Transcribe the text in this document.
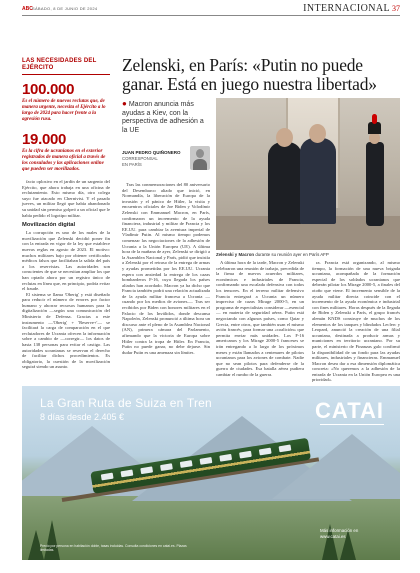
ABC SÁBADO, 8 DE JUNIO DE 2024	INTERNACIONAL 37
LAS NECESIDADES DEL EJÉRCITO
100.000
Es el número de nuevos reclutas que, de manera urgente, necesita el Ejército a lo largo de 2024 para hacer frente a la agresión rusa.
19.000
Es la cifra de ucranianos en el exterior registrados de manera oficial a través de los consulados y las aplicaciones online que pueden ser movilizados.

facto oplosivo en el jardín de un sargento del Ejército, que ahora trabaja en una oficina de reclutamiento. Esto mismo día, otro colega suyo fue atacado en Chernivtsi. Y el pasado jueves, un militar llegó que había abandonado su unidad sin permiso golpeó a un oficial que le había pedido el logotipo militar.

Movilización digital

La corrupción es uno de los males de la movilización que Zelenski decidió poner fin con la entrada en vigor de la ley que establece nuevas reglas en agosto de 2023. El motivo: muchos militares bajo por obtener certificados médicos falsos que facilitaban la salida del país a los reservistas. Las autoridades son conscientes de que se necesitan ampliar los que han optado ahora por un registro único de reclutas en línea que, en principio, podría evitar el fraude.

El sistema se llama 'Oberig' y está diseñado para reducir el número de errores por factor humano y ahorrar recursos humanos para la digitalización —según una comunicación del Ministerio de Defensa. Gracias a este instrumento —'Oberig' + 'Reserve+'— se facilitará la carga de comparación en el que reclutadores de Ucrania ofrecen la información sobre a cambio de —corregir— los datos de hasta 138 personas para evitar el castigo. Las autoridades ucranianas se reservan el derecho de facilitar dichos procedimientos. Es obligatorio, la cuestión de la movilización seguirá siendo un asunto.

Zelenski, en París: «Putin no puede ganar. Está en juego nuestra libertad»

● Macron anuncia más ayudas a Kiev, con la perspectiva de adhesión a la UE

JUAN PEDRO QUIÑONERO
CORRESPONSAL
EN PARÍS
Zelenski y Macron durante su reunión ayer en París AFP

Tras las conmemoraciones del 80 aniversario del Desembarco aliado que inició, en Normandía, la liberación de Europa de la invasión y el pánico de Hitler, la visita y encuentros oficiales de Joe Biden y Volodímir Zelenski con Emmanuel Macron, en París, confirmaron un incremento de la ayuda financiera, industrial y militar de Francia y los EE.UU. para cambiar la aventura imperial de Vladímir Putin. Al mismo tiempo podemos comenzar las negociaciones de la adhesión de Ucrania a la Unión Europea (UE). A última hora de la mañana de ayer, Zelenski se dirigió a la Asamblea Nacional y París, pidió que insistía a Zelenski por el retraso de la entrega de armas y ayudas prometidas por los EE.UU. Ucrania espera con ansiedad la entrega de los cazas bombarderos F-16, cuya llegada los países aliados han acordado. Macron ya ha dicho que Francia también podrá una relación actualizada de la ayuda militar francesa a Ucrania —cuando por los medios de aviones—. Tras ser recibidos por Biden con honores militares en el Palacio de los Inválidos, donde descansa Napoleón, Zelenski pronunció a última hora un discurso ante el pleno de la Asamblea Nacional (AN), primera cámara del Parlamento, afirmando que la victoria de Europa sobre Hitler contra la tropa de Hitler. En Francia, Putin no puede ganar, no debe dejarse. Sin dudar Putin es una amenaza sin límites.

A última hora de la tarde, Macron y Zelenski celebraron una reunión de trabajo, precedida de la firma de nuevos acuerdos militares, económicos e industriales de Francia, confirmando una escalada defensiva con todos los tensores. En el terreno militar defensivo Francia entregará a Ucrania un número impreciso de cazas Mirage 2000-5, en un programa de especialistas considerar —esencial— en materia de seguridad aérea. Putin está negociando con algunos países, como Qatar y Grecia, entre otros, que también usan el mismo avión francés, para formar una «coalición» que permita enviar más unidades. Los F-16 americanos y los Mirage 2000-5 franceses se irán entregando a lo largo de los próximos meses y están llamados a centenares de pilotos ucranianos para los aviones de combate. Nadie que no sean pilotos para defenderse de la guerra de ciudades. Esa batalla aérea pudiera cambiar el rumbo de la guerra.

ra. Francia está organizando, al mismo tiempo, la formación de una nueva brigada ucraniana, acompañada de la formación especial de los soldados ucranianos que deberán pilotar los Mirage 2000-5, a finales del otoño que viene. El incremento sensible de la ayuda militar directa coincide con el incremento de la ayuda económica e industrial con fines militares. Horas después de la llegada de Biden y Zelenski a París, el grupo francés alemán KNDS construye de muchos de los elementos de los tanques y blindados Leclerc y Leopard, anunció la creación de una filial ucraniana, destinada a producir armas y municiones en territorio ucraniano. Por su parte, el ministerio de Finanzas galo confirmó la disponibilidad de un fondo para las ayudas militares, industriales y financieras. Emmanuel Macron desea dar a esa dimensión diplomática concreta: «No queremos a la adhesión de la entrada de Ucrania en la Unión Europea es una prioridad».

La Gran Ruta de Suiza en Tren
8 días desde 2.405 €	CATAI
Más información en www.catai.es
Precio por persona en habitación doble, tasas incluidas. Consulta condiciones en catai.es. Plazas limitadas.
